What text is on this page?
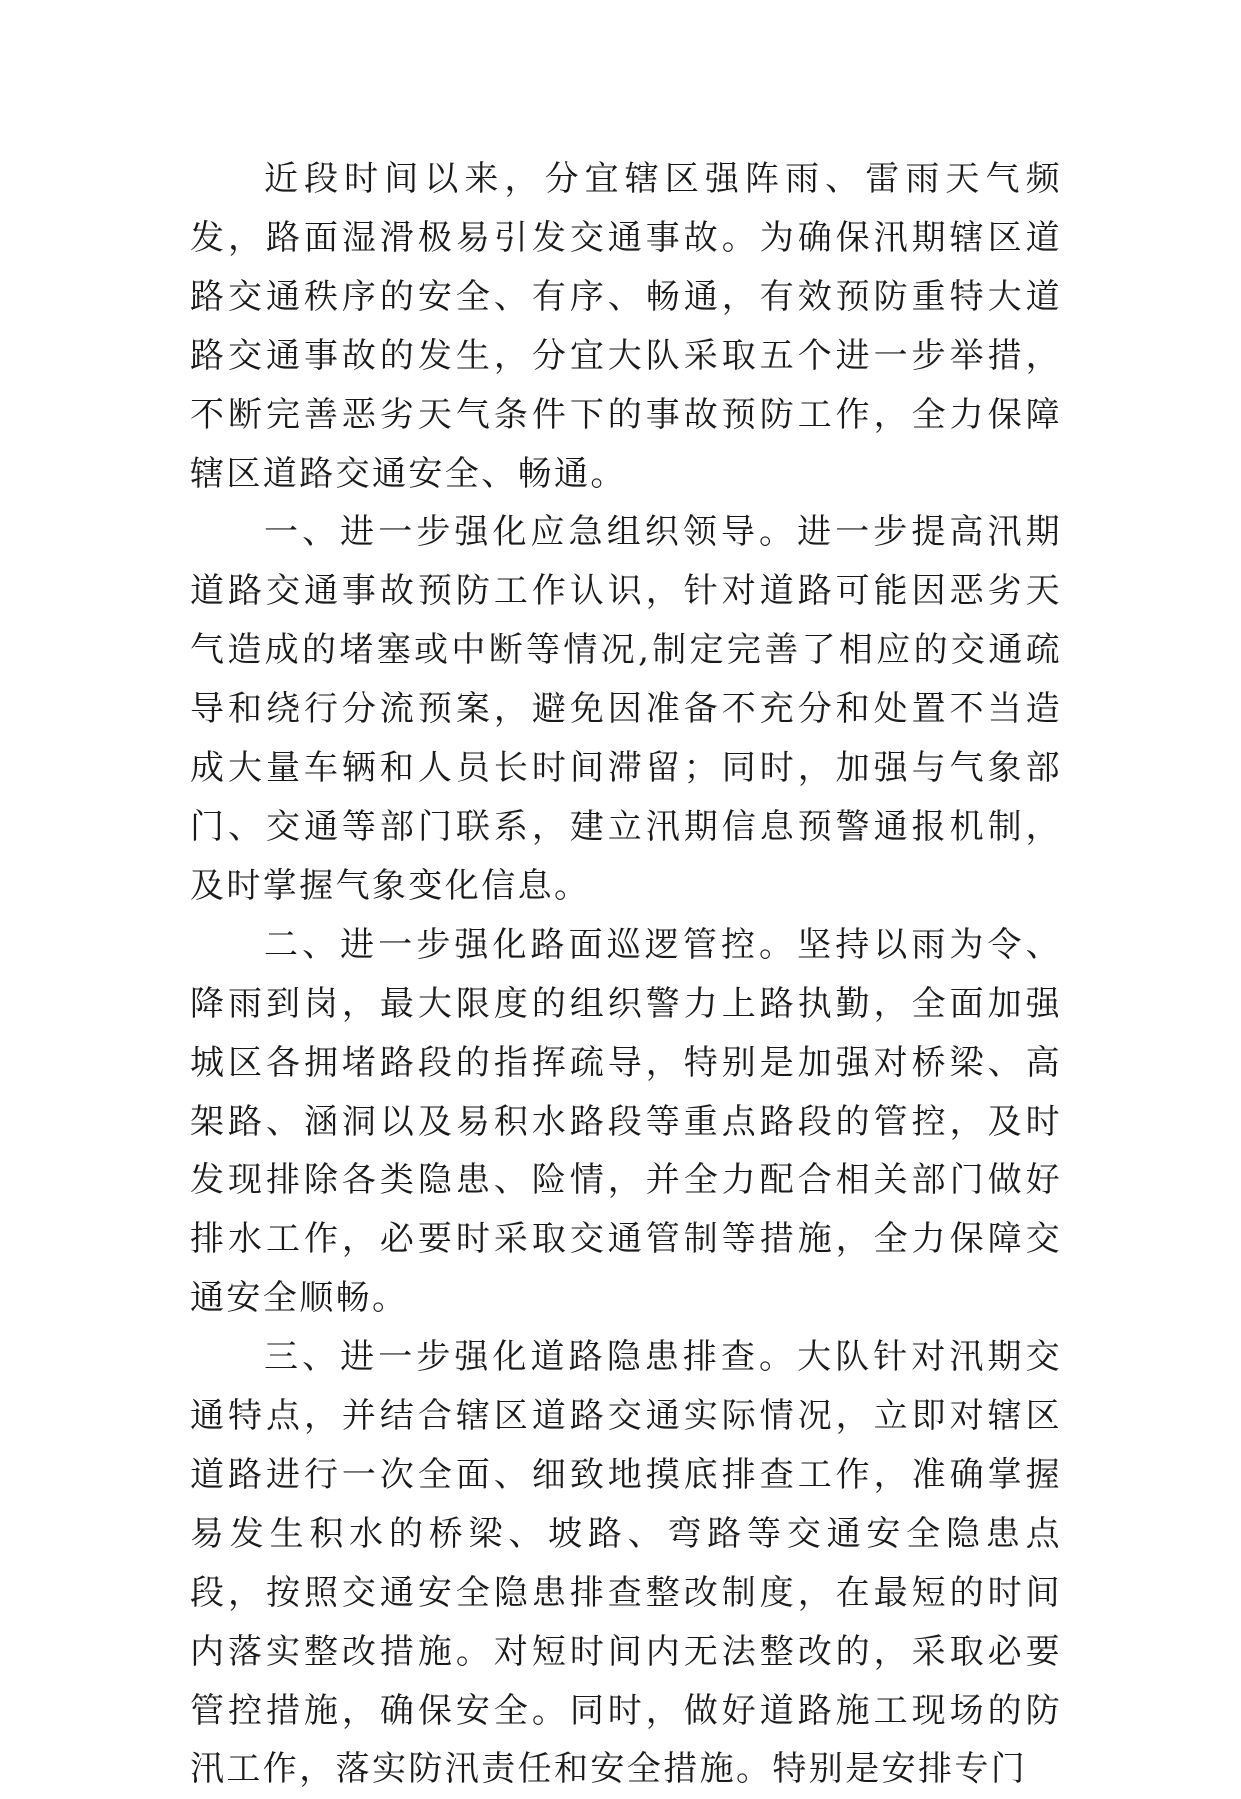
近段时间以来，分宜辖区强阵雨、雷雨天气频发，路面湿滑极易引发交通事故。为确保汛期辖区道路交通秩序的安全、有序、畅通，有效预防重特大道路交通事故的发生，分宜大队采取五个进一步举措，不断完善恶劣天气条件下的事故预防工作，全力保障辖区道路交通安全、畅通。

一、进一步强化应急组织领导。进一步提高汛期道路交通事故预防工作认识，针对道路可能因恶劣天气造成的堵塞或中断等情况,制定完善了相应的交通疏导和绕行分流预案，避免因准备不充分和处置不当造成大量车辆和人员长时间滞留；同时，加强与气象部门、交通等部门联系，建立汛期信息预警通报机制，及时掌握气象变化信息。

二、进一步强化路面巡逻管控。坚持以雨为令、降雨到岗，最大限度的组织警力上路执勤，全面加强城区各拥堵路段的指挥疏导，特别是加强对桥梁、高架路、涵洞以及易积水路段等重点路段的管控，及时发现排除各类隐患、险情，并全力配合相关部门做好排水工作，必要时采取交通管制等措施，全力保障交通安全顺畅。

三、进一步强化道路隐患排查。大队针对汛期交通特点，并结合辖区道路交通实际情况，立即对辖区道路进行一次全面、细致地摸底排查工作，准确掌握易发生积水的桥梁、坡路、弯路等交通安全隐患点段，按照交通安全隐患排查整改制度，在最短的时间内落实整改措施。对短时间内无法整改的，采取必要管控措施，确保安全。同时，做好道路施工现场的防汛工作，落实防汛责任和安全措施。特别是安排专门
